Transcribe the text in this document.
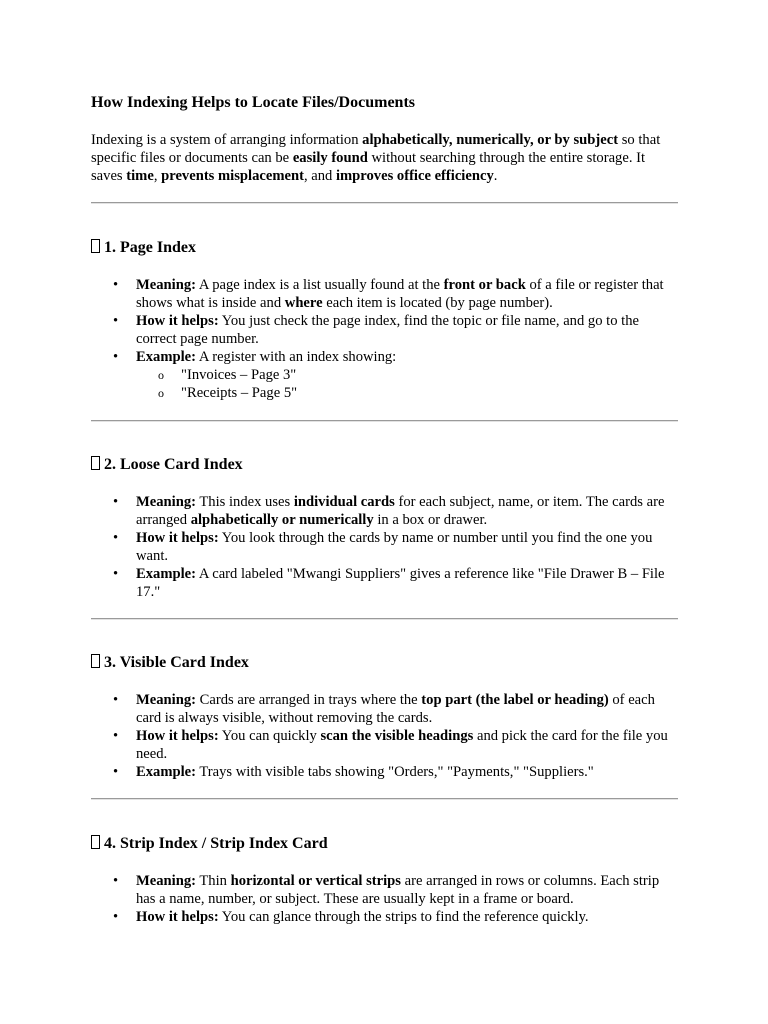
How Indexing Helps to Locate Files/Documents

Indexing is a system of arranging information alphabetically, numerically, or by subject so that specific files or documents can be easily found without searching through the entire storage. It saves time, prevents misplacement, and improves office efficiency.

1. Page Index
• Meaning: A page index is a list usually found at the front or back of a file or register that shows what is inside and where each item is located (by page number).
• How it helps: You just check the page index, find the topic or file name, and go to the correct page number.
• Example: A register with an index showing:
o "Invoices – Page 3"
o "Receipts – Page 5"
2. Loose Card Index
• Meaning: This index uses individual cards for each subject, name, or item. The cards are arranged alphabetically or numerically in a box or drawer.
• How it helps: You look through the cards by name or number until you find the one you want.
• Example: A card labeled "Mwangi Suppliers" gives a reference like "File Drawer B – File 17."
3. Visible Card Index
• Meaning: Cards are arranged in trays where the top part (the label or heading) of each card is always visible, without removing the cards.
• How it helps: You can quickly scan the visible headings and pick the card for the file you need.
• Example: Trays with visible tabs showing "Orders," "Payments," "Suppliers."
4. Strip Index / Strip Index Card
• Meaning: Thin horizontal or vertical strips are arranged in rows or columns. Each strip has a name, number, or subject. These are usually kept in a frame or board.
• How it helps: You can glance through the strips to find the reference quickly.
